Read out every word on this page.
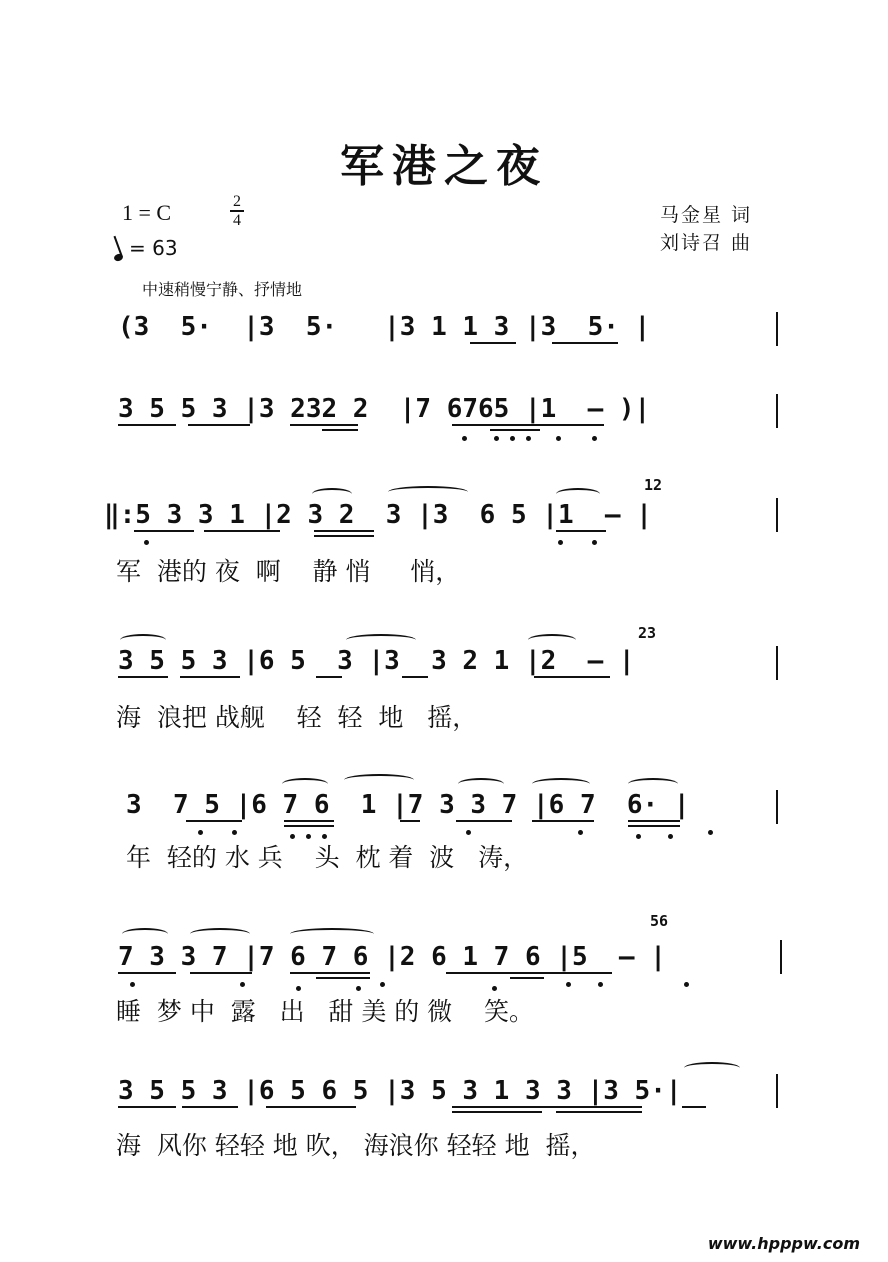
军港之夜
1 = C	2
4
= 63
马金星 词
刘诗召 曲
中速稍慢宁静、抒情地
(3  5·  |3  5·   |3 1 1 3 |3  5· |
3 5 5 3 |3 232 2  |7 6765 |1  — )|
12
‖:5 3 3 1 |2 3 2  3 |3  6 5 |1  — |
军  港的 夜  啊    静 悄     悄，
23
3 5 5 3 |6 5  3 |3  3 2 1 |2  — |
海  浪把 战舰    轻  轻  地   摇，
3  7 5 |6 7 6  1 |7 3 3 7 |6 7  6· |
年  轻的 水 兵    头  枕 着  波   涛，
56
7 3 3 7 |7 6 7 6 |2 6 1 7 6 |5  — |
睡  梦 中  露   出   甜 美 的 微    笑。
3 5 5 3 |6 5 6 5 |3 5 3 1 3 3 |3 5·|
海  风你 轻轻 地 吹， 海浪你 轻轻 地  摇，
www.hpppw.com
